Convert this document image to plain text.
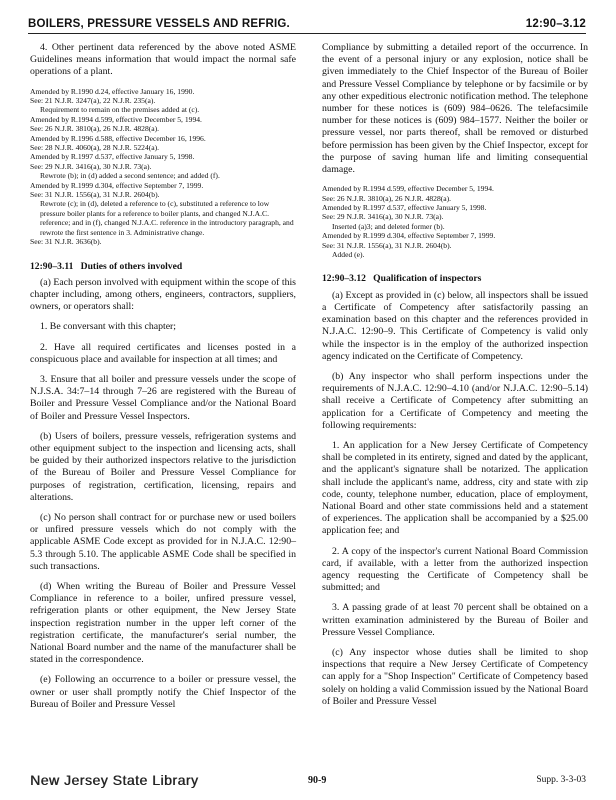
BOILERS, PRESSURE VESSELS AND REFRIG.	12:90–3.12

4. Other pertinent data referenced by the above noted ASME Guidelines means information that would impact the normal safe operations of a plant.

Amended by R.1990 d.24, effective January 16, 1990.
See: 21 N.J.R. 3247(a), 22 N.J.R. 235(a).
Requirement to remain on the premises added at (c).
Amended by R.1994 d.599, effective December 5, 1994.
See: 26 N.J.R. 3810(a), 26 N.J.R. 4828(a).
Amended by R.1996 d.588, effective December 16, 1996.
See: 28 N.J.R. 4060(a), 28 N.J.R. 5224(a).
Amended by R.1997 d.537, effective January 5, 1998.
See: 29 N.J.R. 3416(a), 30 N.J.R. 73(a).
Rewrote (b); in (d) added a second sentence; and added (f).
Amended by R.1999 d.304, effective September 7, 1999.
See: 31 N.J.R. 1556(a), 31 N.J.R. 2604(b).
Rewrote (c); in (d), deleted a reference to (c), substituted a reference to low pressure boiler plants for a reference to boiler plants, and changed N.J.A.C. reference; and in (f), changed N.J.A.C. reference in the introductory paragraph, and rewrote the first sentence in 3. Administrative change.
See: 31 N.J.R. 3636(b).
12:90–3.11 Duties of others involved

(a) Each person involved with equipment within the scope of this chapter including, among others, engineers, contractors, suppliers, owners, or operators shall:

1. Be conversant with this chapter;

2. Have all required certificates and licenses posted in a conspicuous place and available for inspection at all times; and

3. Ensure that all boiler and pressure vessels under the scope of N.J.S.A. 34:7–14 through 7–26 are registered with the Bureau of Boiler and Pressure Vessel Compliance and/or the National Board of Boiler and Pressure Vessel Inspectors.

(b) Users of boilers, pressure vessels, refrigeration systems and other equipment subject to the inspection and licensing acts, shall be guided by their authorized inspectors relative to the jurisdiction of the Bureau of Boiler and Pressure Vessel Compliance for purposes of registration, certification, licensing, repairs and alterations.

(c) No person shall contract for or purchase new or used boilers or unfired pressure vessels which do not comply with the applicable ASME Code except as provided for in N.J.A.C. 12:90–5.3 through 5.10. The applicable ASME Code shall be specified in such transactions.

(d) When writing the Bureau of Boiler and Pressure Vessel Compliance in reference to a boiler, unfired pressure vessel, refrigeration plants or other equipment, the New Jersey State inspection registration number in the upper left corner of the registration certificate, the manufacturer's serial number, the National Board number and the name of the manufacturer shall be stated in the correspondence.

(e) Following an occurrence to a boiler or pressure vessel, the owner or user shall promptly notify the Chief Inspector of the Bureau of Boiler and Pressure Vessel

Compliance by submitting a detailed report of the occurrence. In the event of a personal injury or any explosion, notice shall be given immediately to the Chief Inspector of the Bureau of Boiler and Pressure Vessel Compliance by telephone or by facsimile or by any other expeditious electronic notification method. The telephone number for these notices is (609) 984–0626. The telefacsimile number for these notices is (609) 984–1577. Neither the boiler or pressure vessel, nor parts thereof, shall be removed or disturbed before permission has been given by the Chief Inspector, except for the purpose of saving human life and limiting consequential damage.

Amended by R.1994 d.599, effective December 5, 1994.
See: 26 N.J.R. 3810(a), 26 N.J.R. 4828(a).
Amended by R.1997 d.537, effective January 5, 1998.
See: 29 N.J.R. 3416(a), 30 N.J.R. 73(a).
Inserted (a)3; and deleted former (b).
Amended by R.1999 d.304, effective September 7, 1999.
See: 31 N.J.R. 1556(a), 31 N.J.R. 2604(b).
Added (e).
12:90–3.12 Qualification of inspectors

(a) Except as provided in (c) below, all inspectors shall be issued a Certificate of Competency after satisfactorily passing an examination based on this chapter and the references provided in N.J.A.C. 12:90–9. This Certificate of Competency is valid only while the inspector is in the employ of the authorized inspection agency indicated on the Certificate of Competency.

(b) Any inspector who shall perform inspections under the requirements of N.J.A.C. 12:90–4.10 (and/or N.J.A.C. 12:90–5.14) shall receive a Certificate of Competency after submitting an application for a Certificate of Competency and meeting the following requirements:

1. An application for a New Jersey Certificate of Competency shall be completed in its entirety, signed and dated by the applicant, and the applicant's signature shall be notarized. The application shall include the applicant's name, address, city and state with zip code, county, telephone number, education, place of employment, National Board and other state commissions held and a statement of experiences. The application shall be accompanied by a $25.00 application fee; and

2. A copy of the inspector's current National Board Commission card, if available, with a letter from the authorized inspection agency requesting the Certificate of Competency shall be submitted; and

3. A passing grade of at least 70 percent shall be obtained on a written examination administered by the Bureau of Boiler and Pressure Vessel Compliance.

(c) Any inspector whose duties shall be limited to shop inspections that require a New Jersey Certificate of Competency can apply for a "Shop Inspection" Certificate of Competency based solely on holding a valid Commission issued by the National Board of Boiler and Pressure Vessel

New Jersey State Library	90-9	Supp. 3-3-03
